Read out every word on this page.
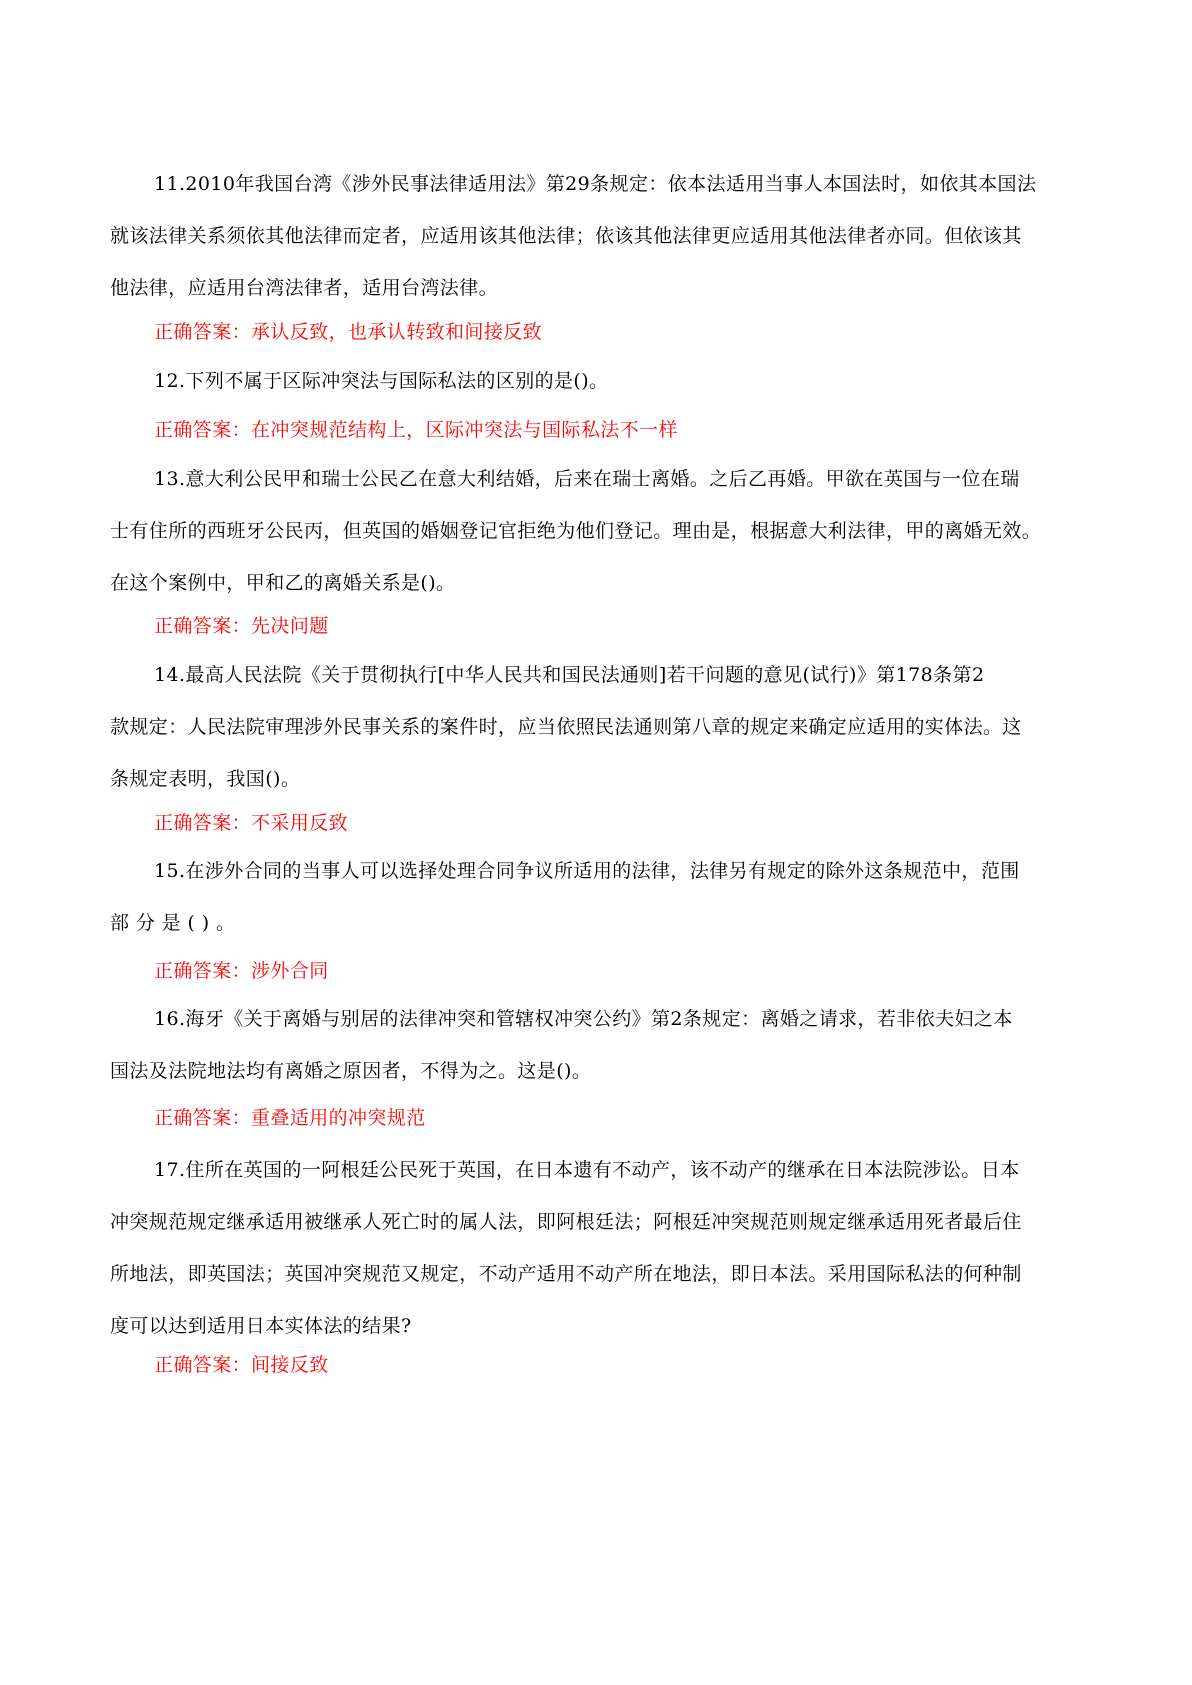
11.2010年我国台湾《涉外民事法律适用法》第29条规定：依本法适用当事人本国法时，如依其本国法
就该法律关系须依其他法律而定者，应适用该其他法律；依该其他法律更应适用其他法律者亦同。但依该其
他法律，应适用台湾法律者，适用台湾法律。
正确答案：承认反致，也承认转致和间接反致
12.下列不属于区际冲突法与国际私法的区别的是()。
正确答案：在冲突规范结构上，区际冲突法与国际私法不一样
13.意大利公民甲和瑞士公民乙在意大利结婚，后来在瑞士离婚。之后乙再婚。甲欲在英国与一位在瑞
士有住所的西班牙公民丙，但英国的婚姻登记官拒绝为他们登记。理由是，根据意大利法律，甲的离婚无效。
在这个案例中，甲和乙的离婚关系是()。
正确答案：先决问题
14.最高人民法院《关于贯彻执行[中华人民共和国民法通则]若干问题的意见(试行)》第178条第2
款规定：人民法院审理涉外民事关系的案件时，应当依照民法通则第八章的规定来确定应适用的实体法。这
条规定表明，我国()。
正确答案：不采用反致
15.在涉外合同的当事人可以选择处理合同争议所适用的法律，法律另有规定的除外这条规范中，范围
部 分 是 ( ) 。
正确答案：涉外合同
16.海牙《关于离婚与别居的法律冲突和管辖权冲突公约》第2条规定：离婚之请求，若非依夫妇之本
国法及法院地法均有离婚之原因者，不得为之。这是()。
正确答案：重叠适用的冲突规范
17.住所在英国的一阿根廷公民死于英国，在日本遗有不动产，该不动产的继承在日本法院涉讼。日本
冲突规范规定继承适用被继承人死亡时的属人法，即阿根廷法；阿根廷冲突规范则规定继承适用死者最后住
所地法，即英国法；英国冲突规范又规定，不动产适用不动产所在地法，即日本法。采用国际私法的何种制
度可以达到适用日本实体法的结果?
正确答案：间接反致
